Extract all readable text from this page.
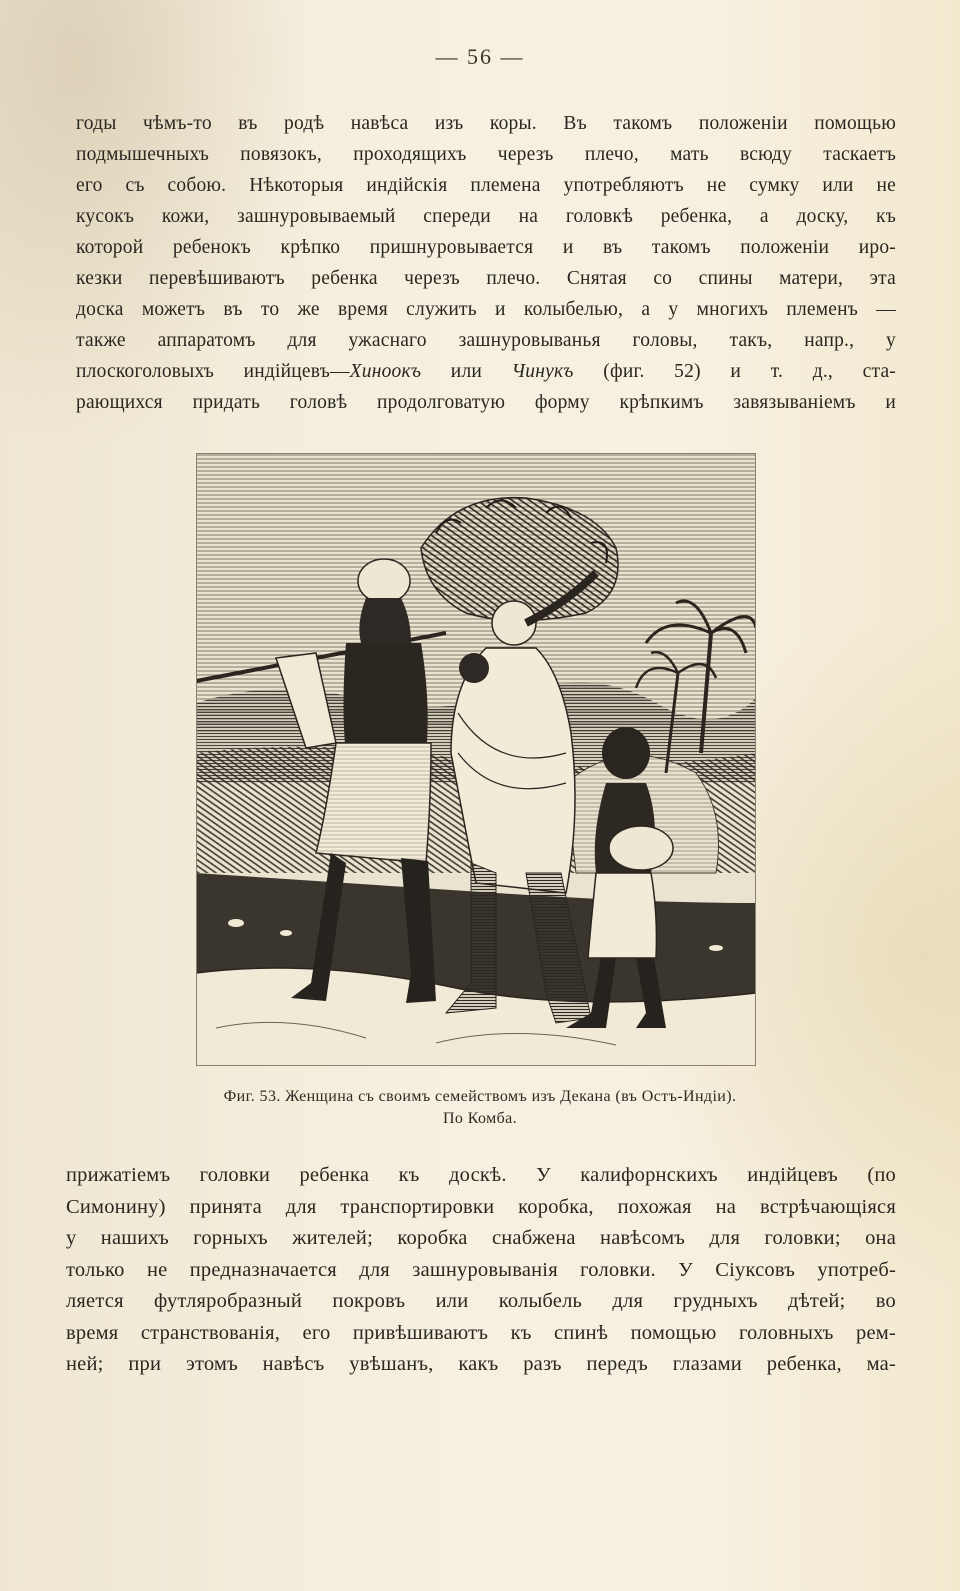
— 56 —
годы чѣмъ-то въ родѣ навѣса изъ коры. Въ такомъ положеніи помощью
подмышечныхъ повязокъ, проходящихъ черезъ плечо, мать всюду таскаетъ
его съ собою. Нѣкоторыя индійскія племена употребляютъ не сумку или не
кусокъ кожи, зашнуровываемый спереди на головкѣ ребенка, а доску, къ
которой ребенокъ крѣпко пришнуровывается и въ такомъ положеніи иро-
кезки перевѣшиваютъ ребенка черезъ плечо. Снятая со спины матери, эта
доска можетъ въ то же время служить и колыбелью, а у многихъ племенъ —
также аппаратомъ для ужаснаго зашнуровыванья головы, такъ, напр., у
плоскоголовыхъ индійцевъ—Хиноокъ или Чинукъ (фиг. 52) и т. д., ста-
рающихся придать головѣ продолговатую форму крѣпкимъ завязываніемъ и
Фиг. 53. Женщина съ своимъ семействомъ изъ Декана (въ Остъ-Индіи).
По Комба.
прижатіемъ головки ребенка къ доскѣ. У калифорнскихъ индійцевъ (по
Симонину) принята для транспортировки коробка, похожая на встрѣчающіяся
у нашихъ горныхъ жителей; коробка снабжена навѣсомъ для головки; она
только не предназначается для зашнуровыванія головки. У Сіуксовъ употреб-
ляется футляробразный покровъ или колыбель для грудныхъ дѣтей; во
время странствованія, его привѣшиваютъ къ спинѣ помощью головныхъ рем-
ней; при этомъ навѣсъ увѣшанъ, какъ разъ передъ глазами ребенка, ма-
